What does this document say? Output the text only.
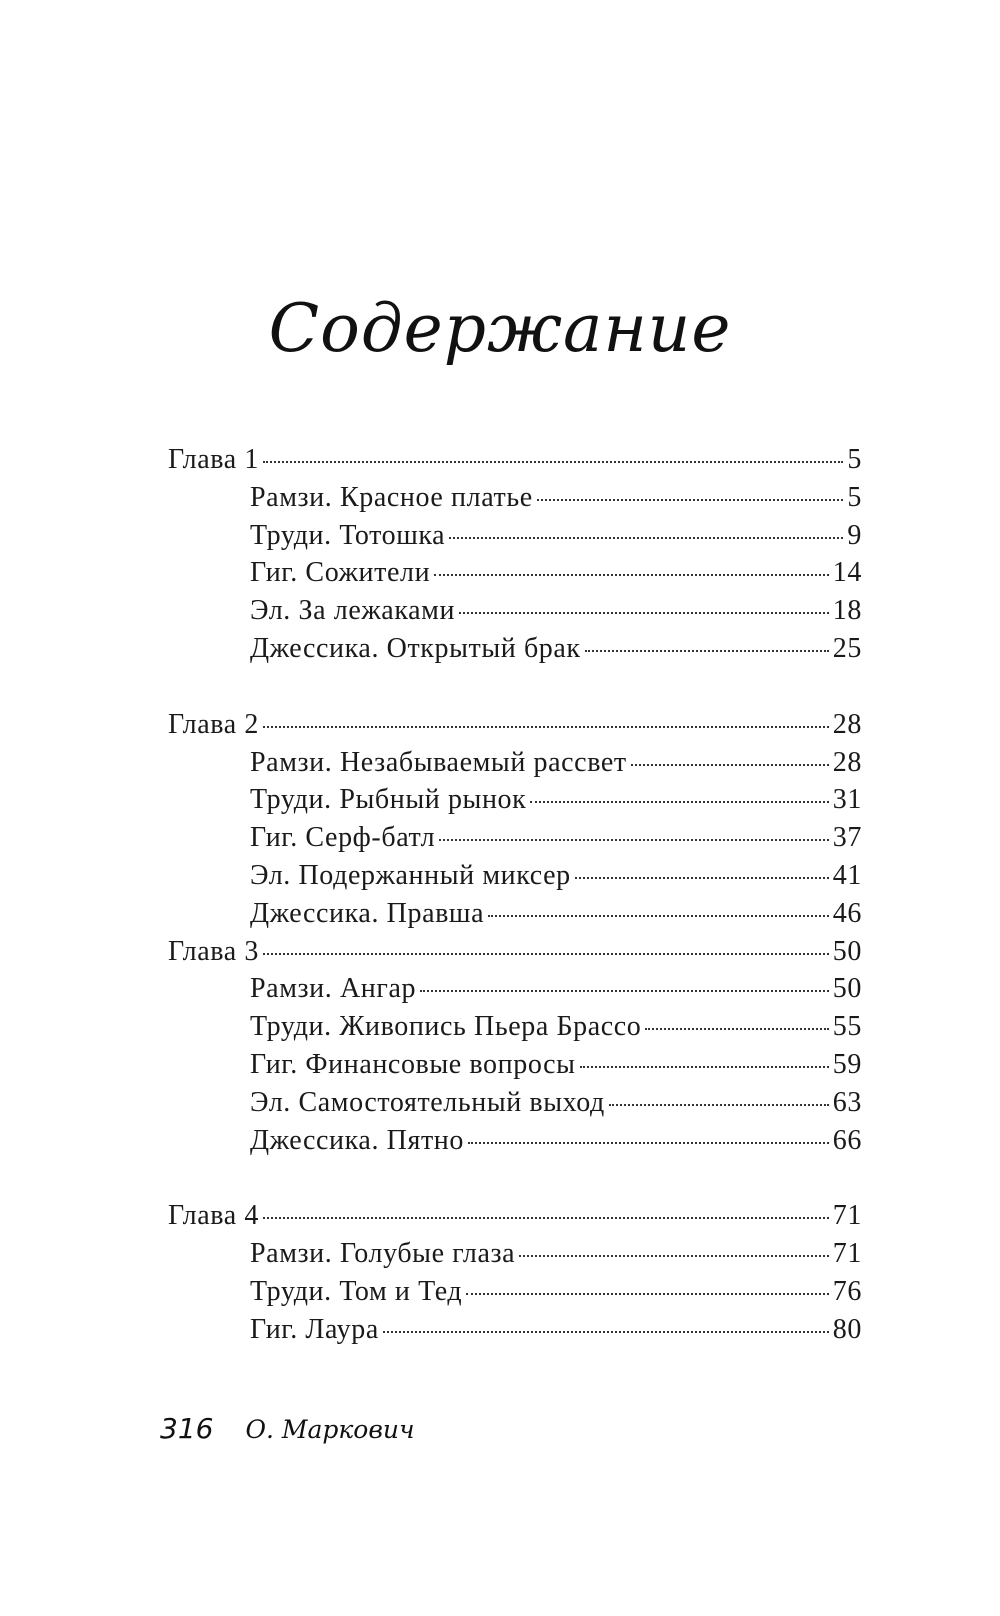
Содержание
Глава 1	5
Рамзи. Красное платье	5
Труди. Тотошка	9
Гиг. Сожители	14
Эл. За лежаками	18
Джессика. Открытый брак	25
Глава 2	28
Рамзи. Незабываемый рассвет	28
Труди. Рыбный рынок	31
Гиг. Серф-батл	37
Эл. Подержанный миксер	41
Джессика. Правша	46
Глава 3	50
Рамзи. Ангар	50
Труди. Живопись Пьера Брассо	55
Гиг. Финансовые вопросы	59
Эл. Самостоятельный выход	63
Джессика. Пятно	66
Глава 4	71
Рамзи. Голубые глаза	71
Труди. Том и Тед	76
Гиг. Лаура	80
316 О. Маркович
